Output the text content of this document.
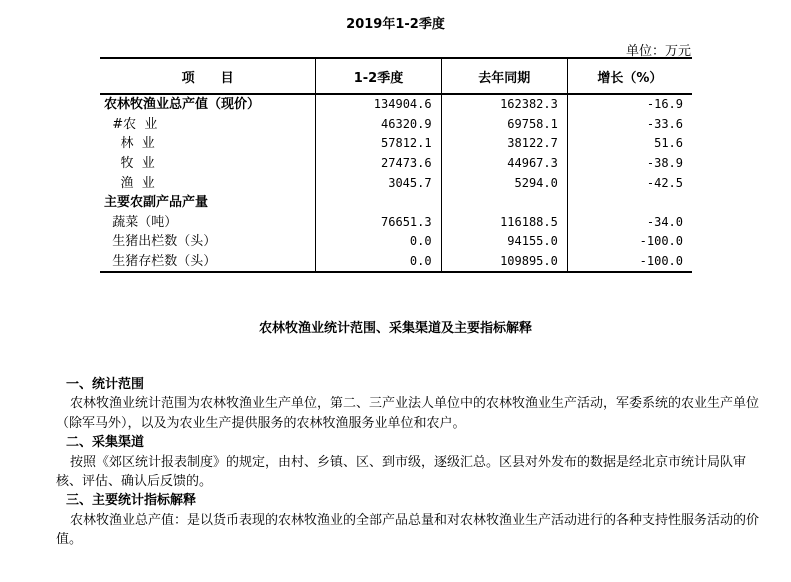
2019年1-2季度
单位：万元
项　　目	1-2季度	去年同期	增长（%）
农林牧渔业总产值（现价）	134904.6	162382.3	-16.9
#农  业	46320.9	69758.1	-33.6
林  业	57812.1	38122.7	51.6
牧  业	27473.6	44967.3	-38.9
渔  业	3045.7	5294.0	-42.5
主要农副产品产量			
蔬菜（吨）	76651.3	116188.5	-34.0
生猪出栏数（头）	0.0	94155.0	-100.0
生猪存栏数（头）	0.0	109895.0	-100.0
农林牧渔业统计范围、采集渠道及主要指标解释
一、统计范围
农林牧渔业统计范围为农林牧渔业生产单位，第二、三产业法人单位中的农林牧渔业生产活动，军委系统的农业生产单位（除军马外），以及为农业生产提供服务的农林牧渔服务业单位和农户。
二、采集渠道
按照《郊区统计报表制度》的规定，由村、乡镇、区、到市级，逐级汇总。区县对外发布的数据是经北京市统计局队审核、评估、确认后反馈的。
三、主要统计指标解释
农林牧渔业总产值：是以货币表现的农林牧渔业的全部产品总量和对农林牧渔业生产活动进行的各种支持性服务活动的价值。
